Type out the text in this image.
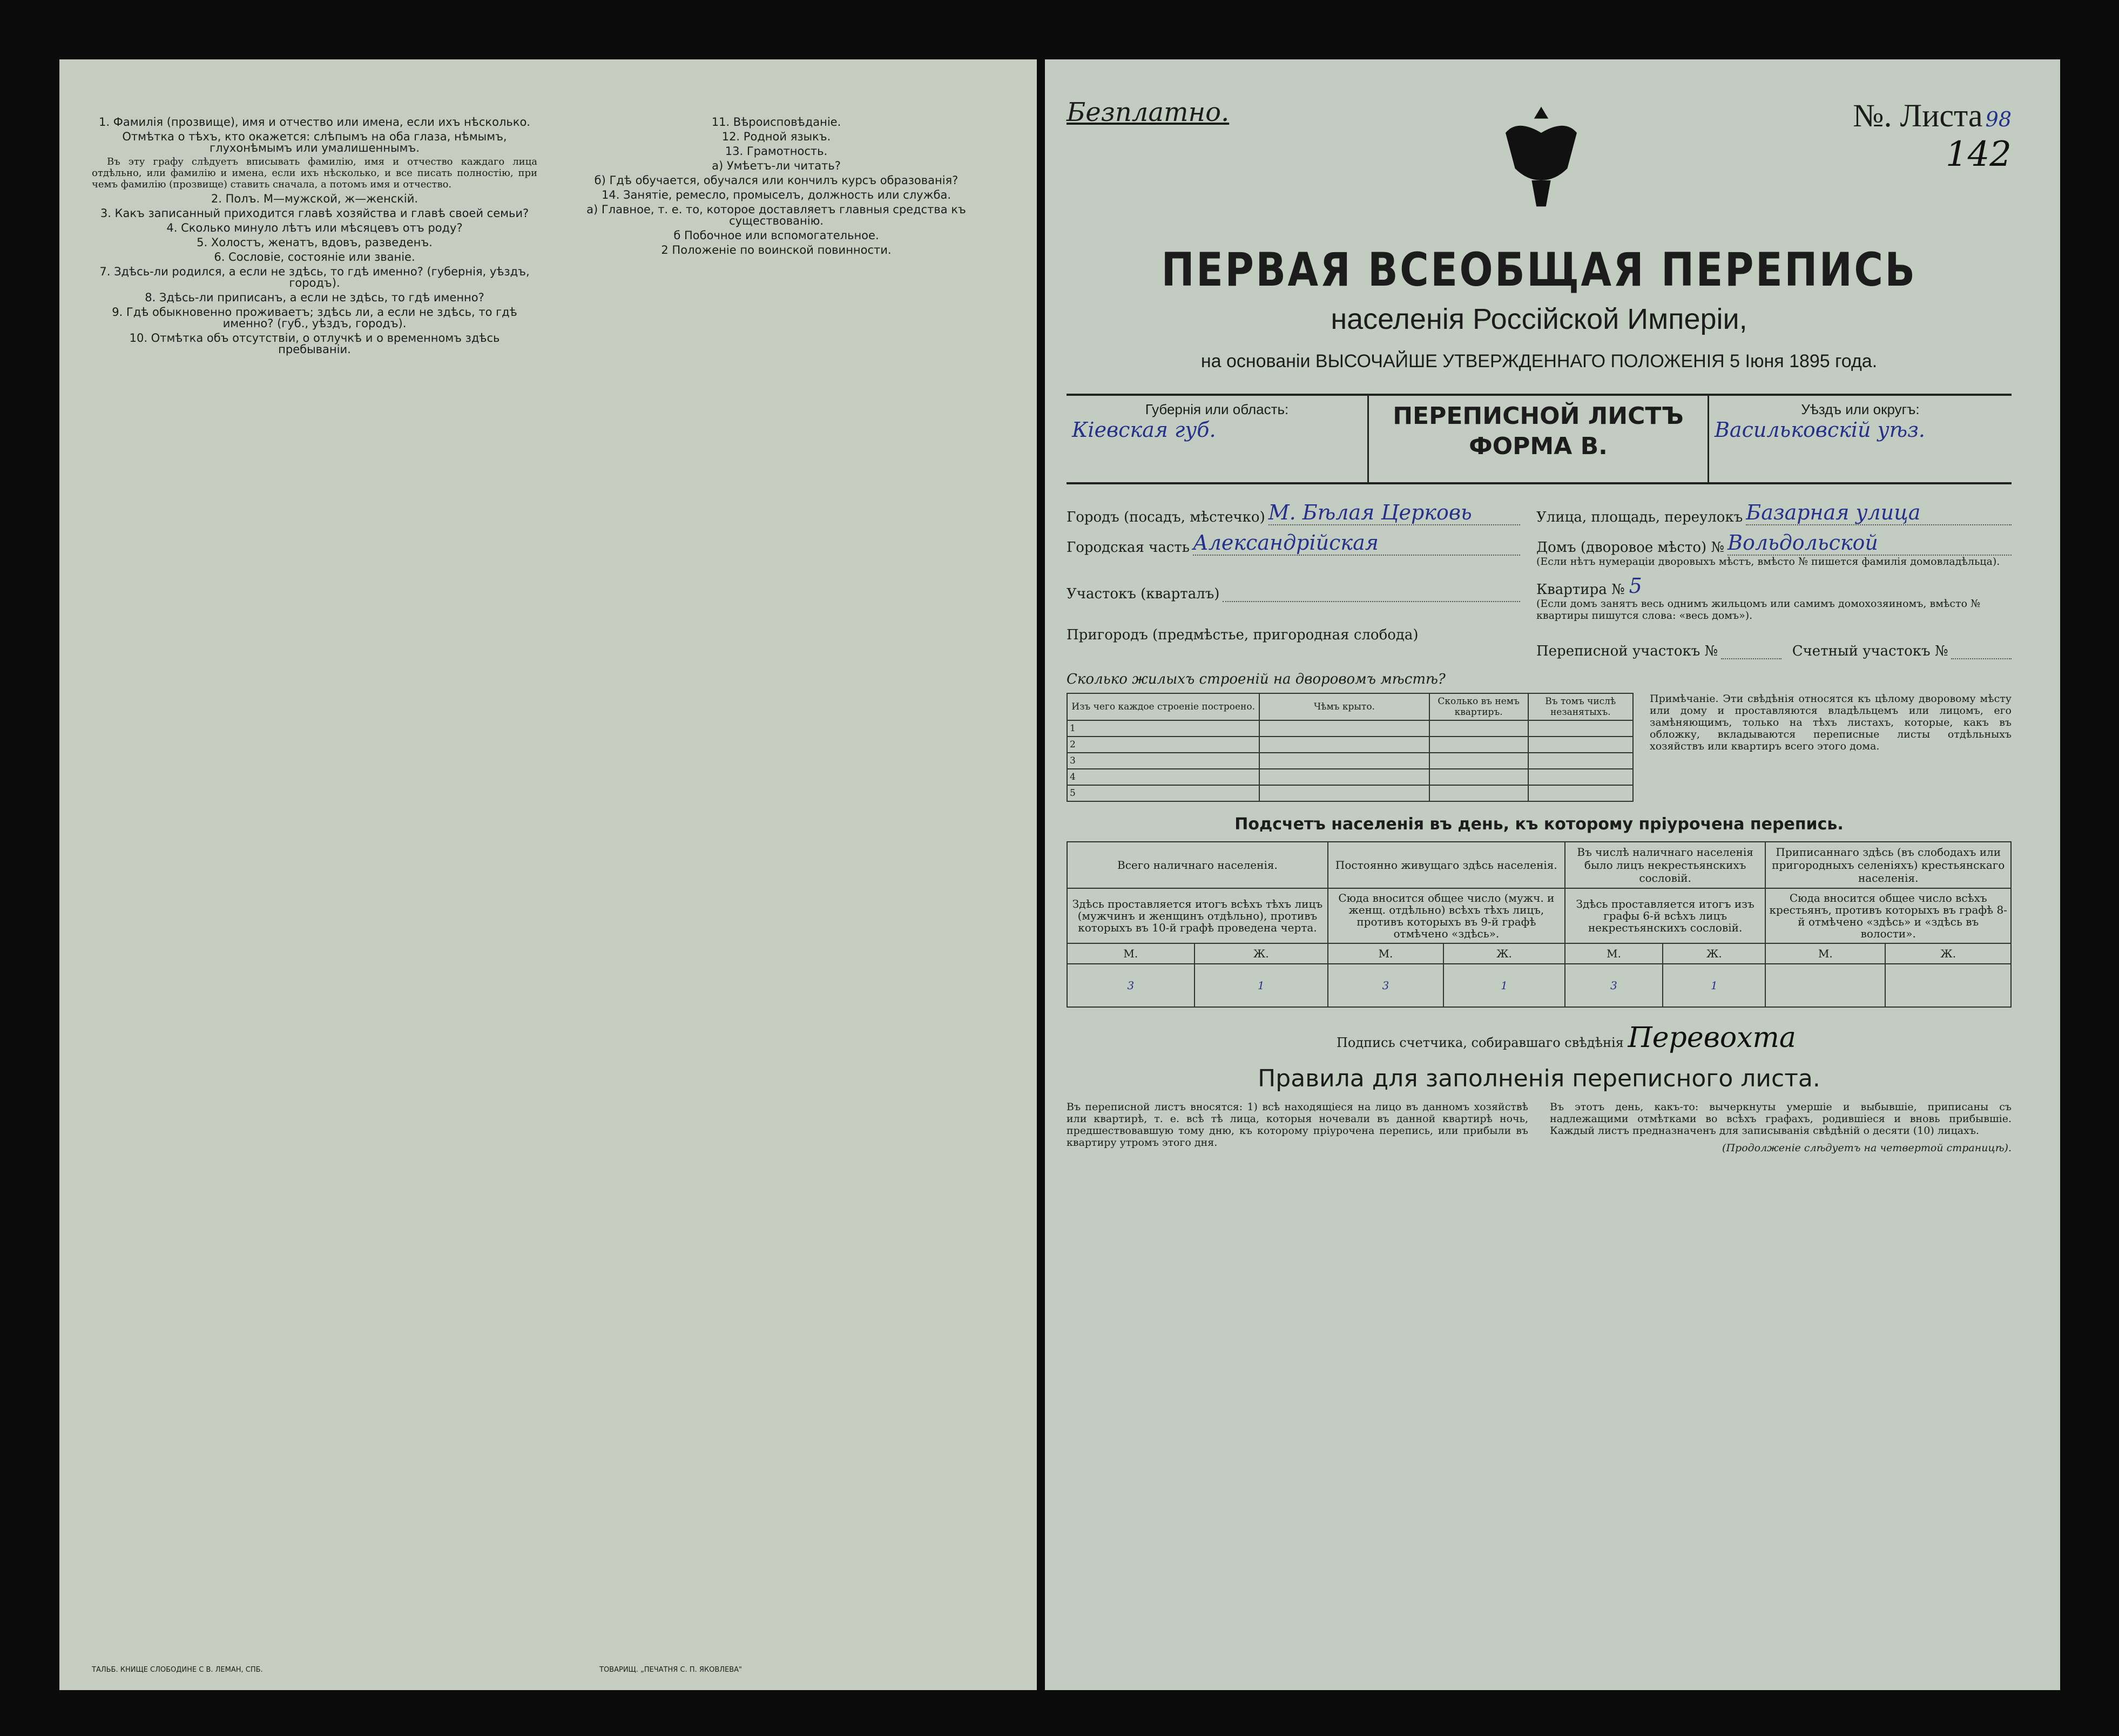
1. Фамилія (прозвище), имя и отчество или имена, если ихъ нѣсколько.
Отмѣтка о тѣхъ, кто окажется: слѣпымъ на оба глаза, нѣмымъ, глухонѣмымъ или умалишеннымъ.

Въ эту графу слѣдуетъ вписывать фамилію, имя и отчество каждаго лица отдѣльно, или фамилію и имена, если ихъ нѣсколько, и все писать полностію, при чемъ фамилію (прозвище) ставить сначала, а потомъ имя и отчество.

2. Полъ. М—мужской, ж—женскій.
3. Какъ записанный приходится главѣ хозяйства и главѣ своей семьи?
4. Сколько минуло лѣтъ или мѣсяцевъ отъ роду?
5. Холостъ, женатъ, вдовъ, разведенъ.
6. Сословіе, состояніе или званіе.
7. Здѣсь-ли родился, а если не здѣсь, то гдѣ именно? (губернія, уѣздъ, городъ).
8. Здѣсь-ли приписанъ, а если не здѣсь, то гдѣ именно?
9. Гдѣ обыкновенно проживаетъ; здѣсь ли, а если не здѣсь, то гдѣ именно? (губ., уѣздъ, городъ).
10. Отмѣтка объ отсутствіи, о отлучкѣ и о временномъ здѣсь пребываніи.
11. Вѣроисповѣданіе.
12. Родной языкъ.
13. Грамотность.
а) Умѣетъ-ли читать?
б) Гдѣ обучается, обучался или кончилъ курсъ образованія?
14. Занятіе, ремесло, промыселъ, должность или служба.
а) Главное, т. е. то, которое доставляетъ главныя средства къ существованію.
б Побочное или вспомогательное.
2 Положеніе по воинской повинности.
ТАЛЬБ. КНИЩЕ СЛОБОДИНЕ С В. ЛЕМАН, СПБ.	ТОВАРИЩ. „ПЕЧАТНЯ С. П. ЯКОВЛЕВА"
Безплатно.	№. Листа 98
142
ПЕРВАЯ ВСЕОБЩАЯ ПЕРЕПИСЬ
населенія Россійской Имперіи,
на основаніи ВЫСОЧАЙШЕ УТВЕРЖДЕННАГО ПОЛОЖЕНІЯ 5 Іюня 1895 года.
Губернія или область:
Кіевская губ.	ПЕРЕПИСНОЙ ЛИСТЪ
ФОРМА В.
Уѣздъ или округъ:
Васильковскій уѣз.
Городъ (посадъ, мѣстечко) М. Бѣлая Церковь
Городская часть Александрійская
Участокъ (кварталъ)
Пригородъ (предмѣстье, пригородная слобода)
Улица, площадь, переулокъ Базарная улица
Домъ (дворовое мѣсто) № Вольдольской
(Если нѣтъ нумераціи дворовыхъ мѣстъ, вмѣсто № пишется фамилія домовладѣльца).
Квартира № 5
(Если домъ занятъ весь однимъ жильцомъ или самимъ домохозяиномъ, вмѣсто № квартиры пишутся слова: «весь домъ»).
Переписной участокъ №	Счетный участокъ №
Сколько жилыхъ строеній на дворовомъ мѣстѣ?
Изъ чего каждое строеніе построено.	Чѣмъ крыто.	Сколько въ немъ квартиръ.	Въ томъ числѣ незанятыхъ.
1			
2			
3			
4			
5			
Примѣчаніе. Эти свѣдѣнія относятся къ цѣлому дворовому мѣсту или дому и проставляются владѣльцемъ или лицомъ, его замѣняющимъ, только на тѣхъ листахъ, которые, какъ въ обложку, вкладываются переписные листы отдѣльныхъ хозяйствъ или квартиръ всего этого дома.
Подсчетъ населенія въ день, къ которому пріурочена перепись.
Всего наличнаго населенія.		Постоянно живущаго здѣсь населенія.		Въ числѣ наличнаго населенія было лицъ некрестьянскихъ сословій.		Приписаннаго здѣсь (въ слободахъ или пригородныхъ селеніяхъ) крестьянскаго населенія.	
Здѣсь проставляется итогъ всѣхъ тѣхъ лицъ (мужчинъ и женщинъ отдѣльно), противъ которыхъ въ 10-й графѣ проведена черта.		Сюда вносится общее число (мужч. и женщ. отдѣльно) всѣхъ тѣхъ лицъ, противъ которыхъ въ 9-й графѣ отмѣчено «здѣсь».		Здѣсь проставляется итогъ изъ графы 6-й всѣхъ лицъ некрестьянскихъ сословій.		Сюда вносится общее число всѣхъ крестьянъ, противъ которыхъ въ графѣ 8-й отмѣчено «здѣсь» и «здѣсь въ волости».	
М.	Ж.	М.	Ж.	М.	Ж.	М.	Ж.
3	1	3	1	3	1		
Подпись счетчика, собиравшаго свѣдѣнія Перевохта
Правила для заполненія переписного листа.
Въ переписной листъ вносятся: 1) всѣ находящіеся на лицо въ данномъ хозяйствѣ или квартирѣ, т. е. всѣ тѣ лица, которыя ночевали въ данной квартирѣ ночь, предшествовавшую тому дню, къ которому пріурочена перепись, или прибыли въ квартиру утромъ этого дня.
Въ этотъ день, какъ-то: вычеркнуты умершіе и выбывшіе, приписаны съ надлежащими отмѣтками во всѣхъ графахъ, родившіеся и вновь прибывшіе. Каждый листъ предназначенъ для записыванія свѣдѣній о десяти (10) лицахъ.
(Продолженіе слѣдуетъ на четвертой страницѣ).
